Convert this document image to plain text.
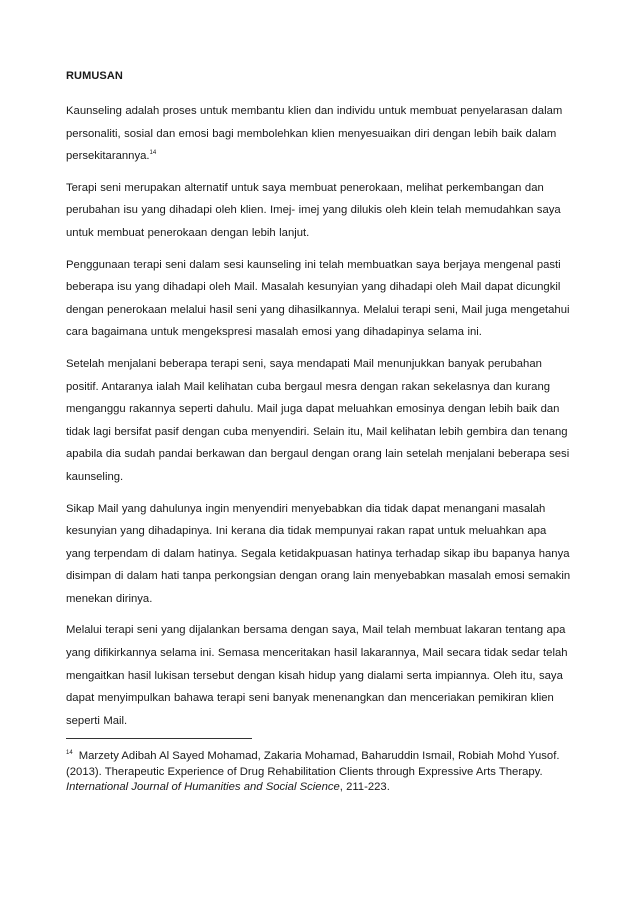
RUMUSAN

Kaunseling adalah proses untuk membantu klien dan individu untuk membuat penyelarasan dalam personaliti, sosial dan emosi bagi membolehkan klien menyesuaikan diri dengan lebih baik dalam persekitarannya.$^{14}$

Terapi seni merupakan alternatif untuk saya membuat penerokaan, melihat perkembangan dan perubahan isu yang dihadapi oleh klien. Imej- imej yang dilukis oleh klein telah memudahkan saya untuk membuat penerokaan dengan lebih lanjut.

Penggunaan terapi seni dalam sesi kaunseling ini telah membuatkan saya berjaya mengenal pasti beberapa isu yang dihadapi oleh Mail. Masalah kesunyian yang dihadapi oleh Mail dapat dicungkil dengan penerokaan melalui hasil seni yang dihasilkannya. Melalui terapi seni, Mail juga mengetahui cara bagaimana untuk mengekspresi masalah emosi yang dihadapinya selama ini.

Setelah menjalani beberapa terapi seni, saya mendapati Mail menunjukkan banyak perubahan positif. Antaranya ialah Mail kelihatan cuba bergaul mesra dengan rakan sekelasnya dan kurang menganggu rakannya seperti dahulu. Mail juga dapat meluahkan emosinya dengan lebih baik dan tidak lagi bersifat pasif dengan cuba menyendiri. Selain itu, Mail kelihatan lebih gembira dan tenang apabila dia sudah pandai berkawan dan bergaul dengan orang lain setelah menjalani beberapa sesi kaunseling.

Sikap Mail yang dahulunya ingin menyendiri menyebabkan dia tidak dapat menangani masalah kesunyian yang dihadapinya. Ini kerana dia tidak mempunyai rakan rapat untuk meluahkan apa yang terpendam di dalam hatinya. Segala ketidakpuasan hatinya terhadap sikap ibu bapanya hanya disimpan di dalam hati tanpa perkongsian dengan orang lain menyebabkan masalah emosi semakin menekan dirinya.

Melalui terapi seni yang dijalankan bersama dengan saya, Mail telah membuat lakaran tentang apa yang difikirkannya selama ini. Semasa menceritakan hasil lakarannya, Mail secara tidak sedar telah mengaitkan hasil lukisan tersebut dengan kisah hidup yang dialami serta impiannya. Oleh itu, saya dapat menyimpulkan bahawa terapi seni banyak menenangkan dan menceriakan pemikiran klien seperti Mail.

$^{14}$ Marzety Adibah Al Sayed Mohamad, Zakaria Mohamad, Baharuddin Ismail, Robiah Mohd Yusof. (2013). Therapeutic Experience of Drug Rehabilitation Clients through Expressive Arts Therapy. International Journal of Humanities and Social Science, 211-223.
